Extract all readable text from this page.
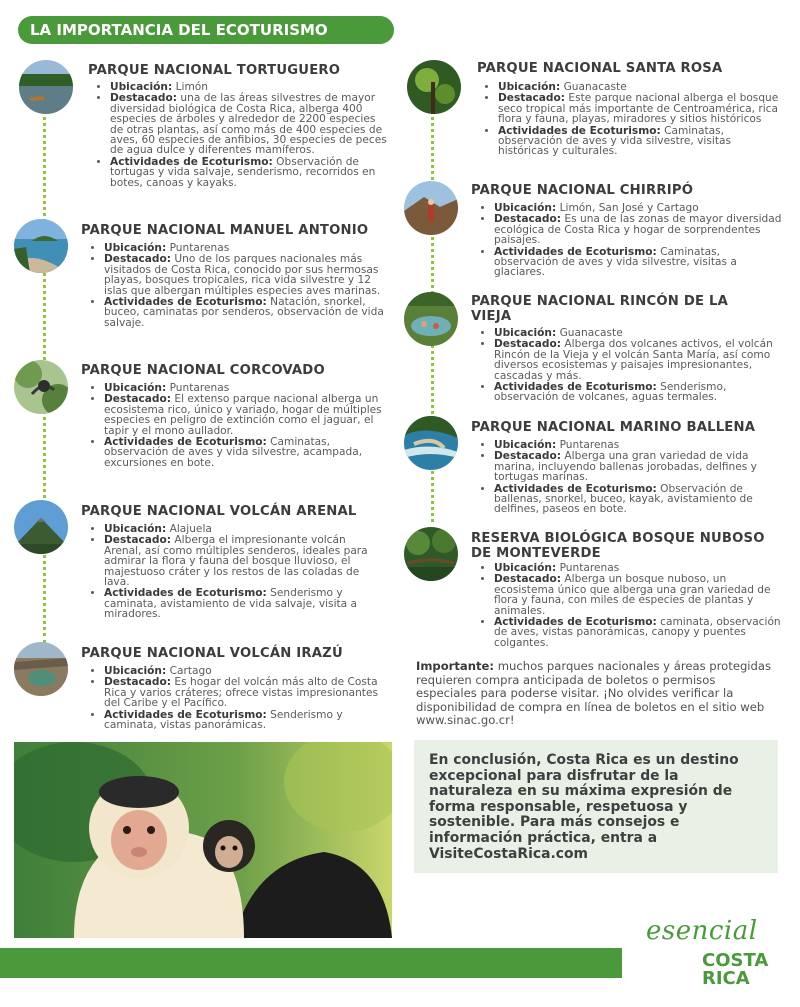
LA IMPORTANCIA DEL ECOTURISMO
PARQUE NACIONAL TORTUGUERO
• Ubicación: Limón
• Destacado: una de las áreas silvestres de mayor diversidad biológica de Costa Rica, alberga 400 especies de árboles y alrededor de 2200 especies de otras plantas, así como más de 400 especies de aves, 60 especies de anfibios, 30 especies de peces de agua dulce y diferentes mamíferos.
• Actividades de Ecoturismo: Observación de tortugas y vida salvaje, senderismo, recorridos en botes, canoas y kayaks.
PARQUE NACIONAL MANUEL ANTONIO
• Ubicación: Puntarenas
• Destacado: Uno de los parques nacionales más visitados de Costa Rica, conocido por sus hermosas playas, bosques tropicales, rica vida silvestre y 12 islas que albergan múltiples especies aves marinas.
• Actividades de Ecoturismo: Natación, snorkel, buceo, caminatas por senderos, observación de vida salvaje.
PARQUE NACIONAL CORCOVADO
• Ubicación: Puntarenas
• Destacado: El extenso parque nacional alberga un ecosistema rico, único y variado, hogar de múltiples especies en peligro de extinción como el jaguar, el tapir y el mono aullador.
• Actividades de Ecoturismo: Caminatas, observación de aves y vida silvestre, acampada, excursiones en bote.
PARQUE NACIONAL VOLCÁN ARENAL
• Ubicación: Alajuela
• Destacado: Alberga el impresionante volcán Arenal, así como múltiples senderos, ideales para admirar la flora y fauna del bosque lluvioso, el majestuoso cráter y los restos de las coladas de lava.
• Actividades de Ecoturismo: Senderismo y caminata, avistamiento de vida salvaje, visita a miradores.
PARQUE NACIONAL VOLCÁN IRAZÚ
• Ubicación: Cartago
• Destacado: Es hogar del volcán más alto de Costa Rica y varios cráteres; ofrece vistas impresionantes del Caribe y el Pacífico.
• Actividades de Ecoturismo: Senderismo y caminata, vistas panorámicas.
PARQUE NACIONAL SANTA ROSA
• Ubicación: Guanacaste
• Destacado: Este parque nacional alberga el bosque seco tropical más importante de Centroamérica, rica flora y fauna, playas, miradores y sitios históricos
• Actividades de Ecoturismo: Caminatas, observación de aves y vida silvestre, visitas históricas y culturales.
PARQUE NACIONAL CHIRRIPÓ
• Ubicación: Limón, San José y Cartago
• Destacado: Es una de las zonas de mayor diversidad ecológica de Costa Rica y hogar de sorprendentes paisajes.
• Actividades de Ecoturismo: Caminatas, observación de aves y vida silvestre, visitas a glaciares.
PARQUE NACIONAL RINCÓN DE LA VIEJA
• Ubicación: Guanacaste
• Destacado: Alberga dos volcanes activos, el volcán Rincón de la Vieja y el volcán Santa María, así como diversos ecosistemas y paisajes impresionantes, cascadas y más.
• Actividades de Ecoturismo: Senderismo, observación de volcanes, aguas termales.
PARQUE NACIONAL MARINO BALLENA
• Ubicación: Puntarenas
• Destacado: Alberga una gran variedad de vida marina, incluyendo ballenas jorobadas, delfines y tortugas marinas.
• Actividades de Ecoturismo: Observación de ballenas, snorkel, buceo, kayak, avistamiento de delfines, paseos en bote.
RESERVA BIOLÓGICA BOSQUE NUBOSO DE MONTEVERDE
• Ubicación: Puntarenas
• Destacado: Alberga un bosque nuboso, un ecosistema único que alberga una gran variedad de flora y fauna, con miles de especies de plantas y animales.
• Actividades de Ecoturismo: caminata, observación de aves, vistas panorámicas, canopy y puentes colgantes.
Importante: muchos parques nacionales y áreas protegidas requieren compra anticipada de boletos o permisos especiales para poderse visitar. ¡No olvides verificar la disponibilidad de compra en línea de boletos en el sitio web www.sinac.go.cr!
En conclusión, Costa Rica es un destino excepcional para disfrutar de la naturaleza en su máxima expresión de forma responsable, respetuosa y sostenible. Para más consejos e información práctica, entra a VisiteCostaRica.com
esencial
COSTA
RICA
